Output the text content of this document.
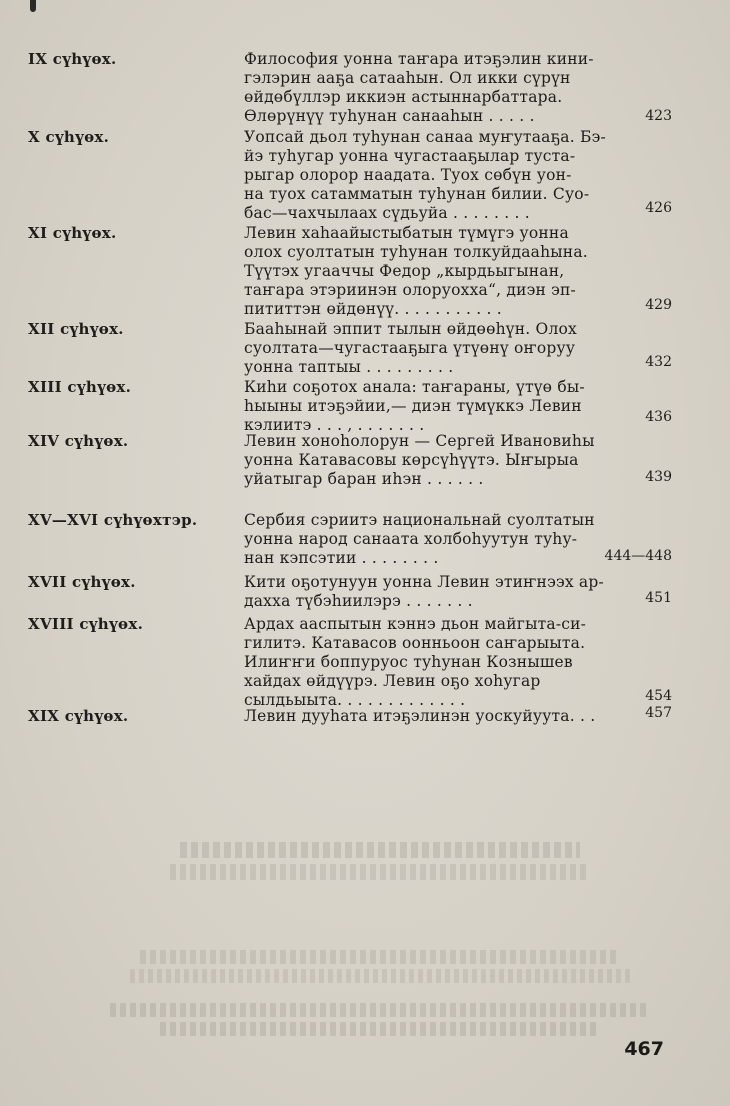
IX сүһүөх.	Философия уонна таҥара итэҕэлин кини-
гэлэрин ааҕа сатааһын. Ол икки сүрүн
өйдөбүллэр иккиэн астыннарбаттара.
Өлөрүнүү туһунан санааһын . . . . .	423
X сүһүөх.	Уопсай дьол туһунан санаа муҥутааҕа. Бэ-
йэ туһугар уонна чугастааҕылар тустa-
рыгар олорор наадата. Туох сөбүн уон-
на туох сатамматын туһунан билии. Суо-
бас—чахчылаах сүдьуйа . . . . . . . .	426
XI сүһүөх.	Левин хаһаайыстыбатын түмүгэ уонна
олох суолтатын туһунан толкуйдааһына.
Түүтэх угааччы Федор „кырдьыгынан,
таҥара этэриинэн олоруохха“, диэн эп-
пититтэн өйдөнүү. . . . . . . . . . .	429
XII сүһүөх.	Бааһынай эппит тылын өйдөөһүн. Олох
суолтата—чугастааҕыга үтүөнү оҥоруу
уонна таптыы . . . . . . . . .	432
XIII сүһүөх.	Киһи соҕотох анала: таҥараны, үтүө бы-
һыыны итэҕэйии,— диэн түмүккэ Левин
кэлиитэ . . . , . . . . . . .	436
XIV сүһүөх.	Левин хоноһолорун — Сергей Ивановиһы
уонна Катавасовы көрсүһүүтэ. Ыҥырыа
уйатыгар баран иһэн . . . . . .	439
XV—XVI сүһүөхтэр.	Сербия сэриитэ национальнай суолтатын
уонна народ санаата холбоһуутун туһу-
нан кэпсэтии . . . . . . . .	444—448
XVII сүһүөх.	Кити оҕотунуун уонна Левин этиҥнээх ар-
дахха түбэһиилэрэ . . . . . . .	451
XVIII сүһүөх.	Ардах ааспытын кэннэ дьон майгыта-си-
гилитэ. Катавасов оонньоон саҥарыыта.
Илиҥҥи боппуруос туһунан Кознышев
хайдах өйдүүрэ. Левин оҕо хоһугар
сылдьыыта. . . . . . . . . . . . .	454
XIX сүһүөх.	Левин дууһата итэҕэлинэн уоскуйуута. . .	457
467
